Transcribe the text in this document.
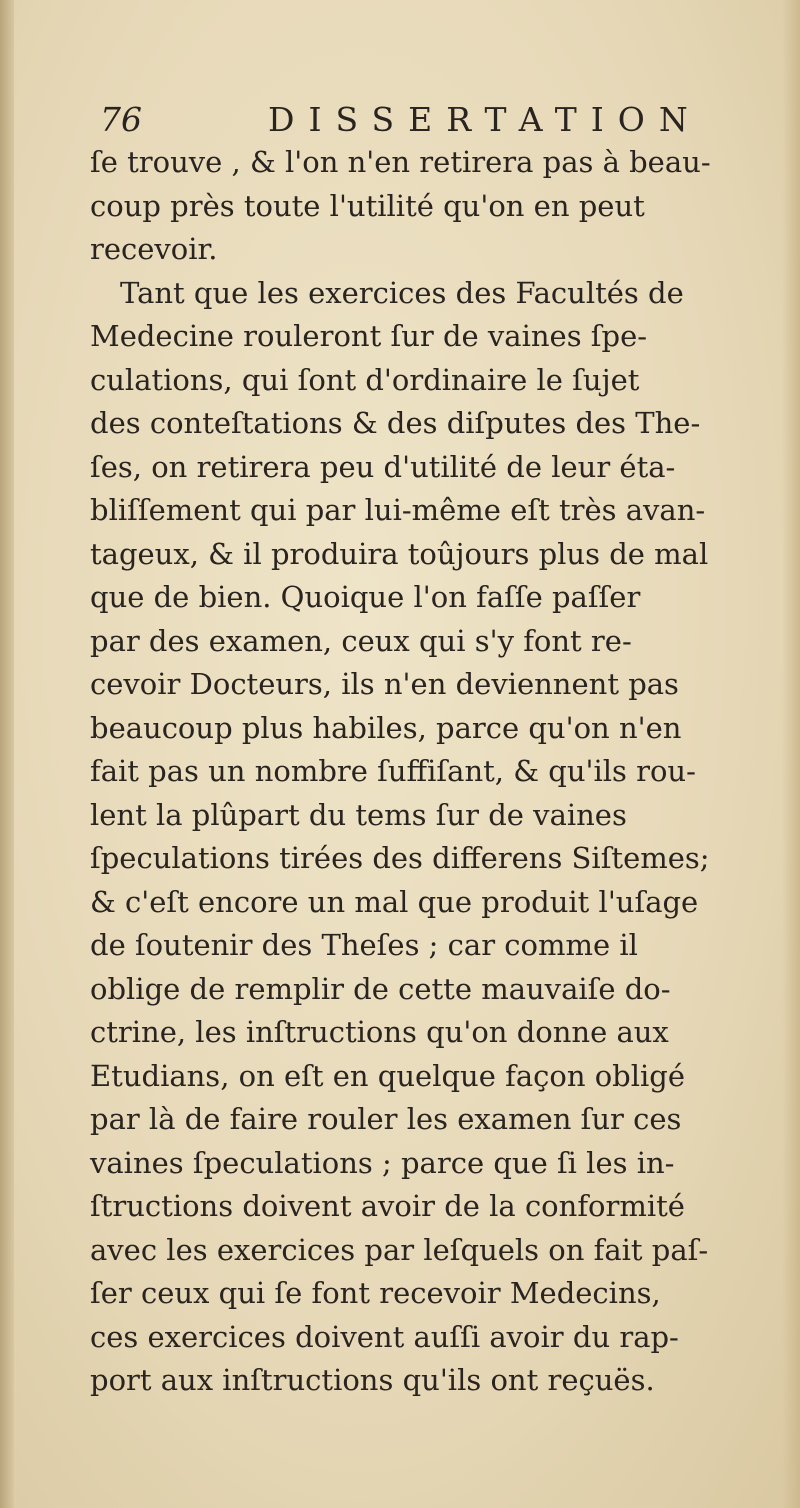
76	DISSERTATION
ſe trouve , & l'on n'en retirera pas à beau-
coup près toute l'utilité qu'on en peut
recevoir.
Tant que les exercices des Facultés de
Medecine rouleront ſur de vaines ſpe-
culations, qui ſont d'ordinaire le ſujet
des conteſtations & des diſputes des The-
ſes, on retirera peu d'utilité de leur éta-
bliſſement qui par lui-même eſt très avan-
tageux, & il produira toûjours plus de mal
que de bien. Quoique l'on faſſe paſſer
par des examen, ceux qui s'y font re-
cevoir Docteurs, ils n'en deviennent pas
beaucoup plus habiles, parce qu'on n'en
fait pas un nombre ſuffiſant, & qu'ils rou-
lent la plûpart du tems ſur de vaines
ſpeculations tirées des differens Siſtemes;
& c'eſt encore un mal que produit l'uſage
de ſoutenir des Theſes ; car comme il
oblige de remplir de cette mauvaiſe do-
ctrine, les inſtructions qu'on donne aux
Etudians, on eſt en quelque façon obligé
par là de faire rouler les examen ſur ces
vaines ſpeculations ; parce que ſi les in-
ſtructions doivent avoir de la conformité
avec les exercices par leſquels on fait paſ-
ſer ceux qui ſe font recevoir Medecins,
ces exercices doivent auſſi avoir du rap-
port aux inſtructions qu'ils ont reçuës.
